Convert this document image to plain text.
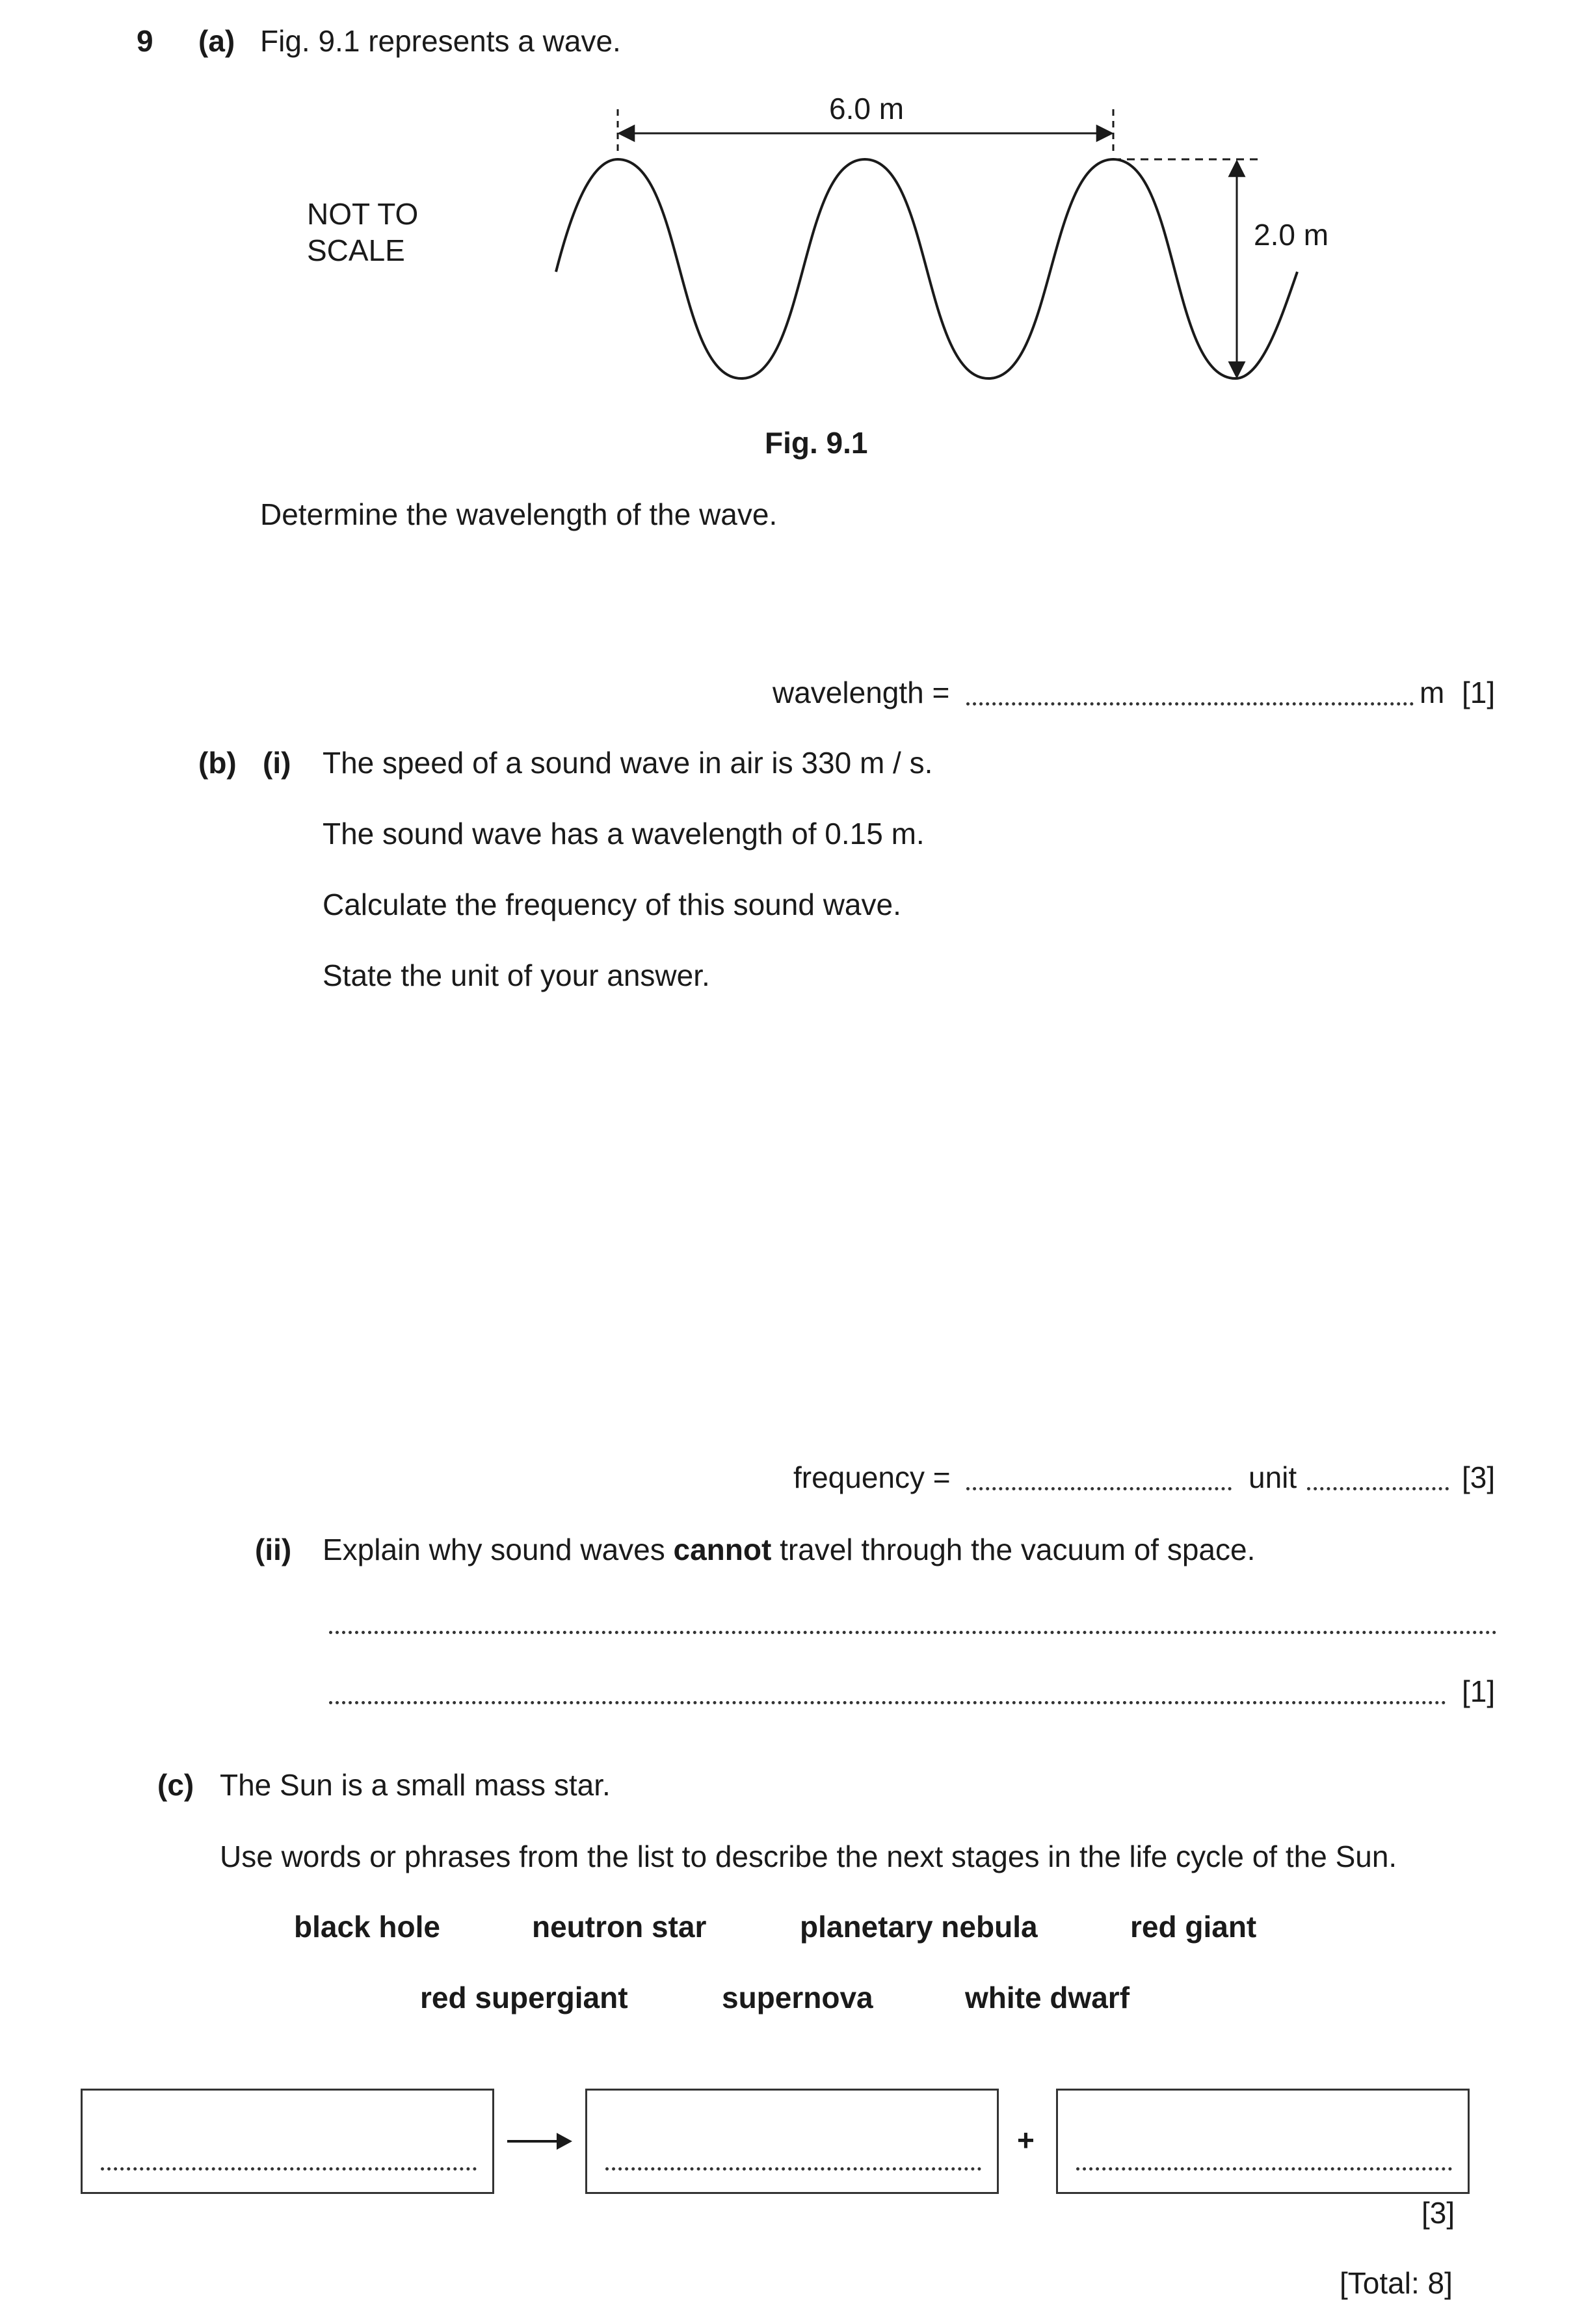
9 (a) Fig. 9.1 represents a wave.
6.0 m
2.0 m
NOT TO
SCALE
Fig. 9.1
Determine the wavelength of the wave.
wavelength =	m [1]
(b) (i) The speed of a sound wave in air is 330 m / s.
The sound wave has a wavelength of 0.15 m.
Calculate the frequency of this sound wave.
State the unit of your answer.
frequency =	unit	[3]
(ii) Explain why sound waves cannot travel through the vacuum of space.
[1]
(c) The Sun is a small mass star.
Use words or phrases from the list to describe the next stages in the life cycle of the Sun.
black hole	neutron star	planetary nebula	red giant
red supergiant	supernova	white dwarf
+
[3]
[Total: 8]
